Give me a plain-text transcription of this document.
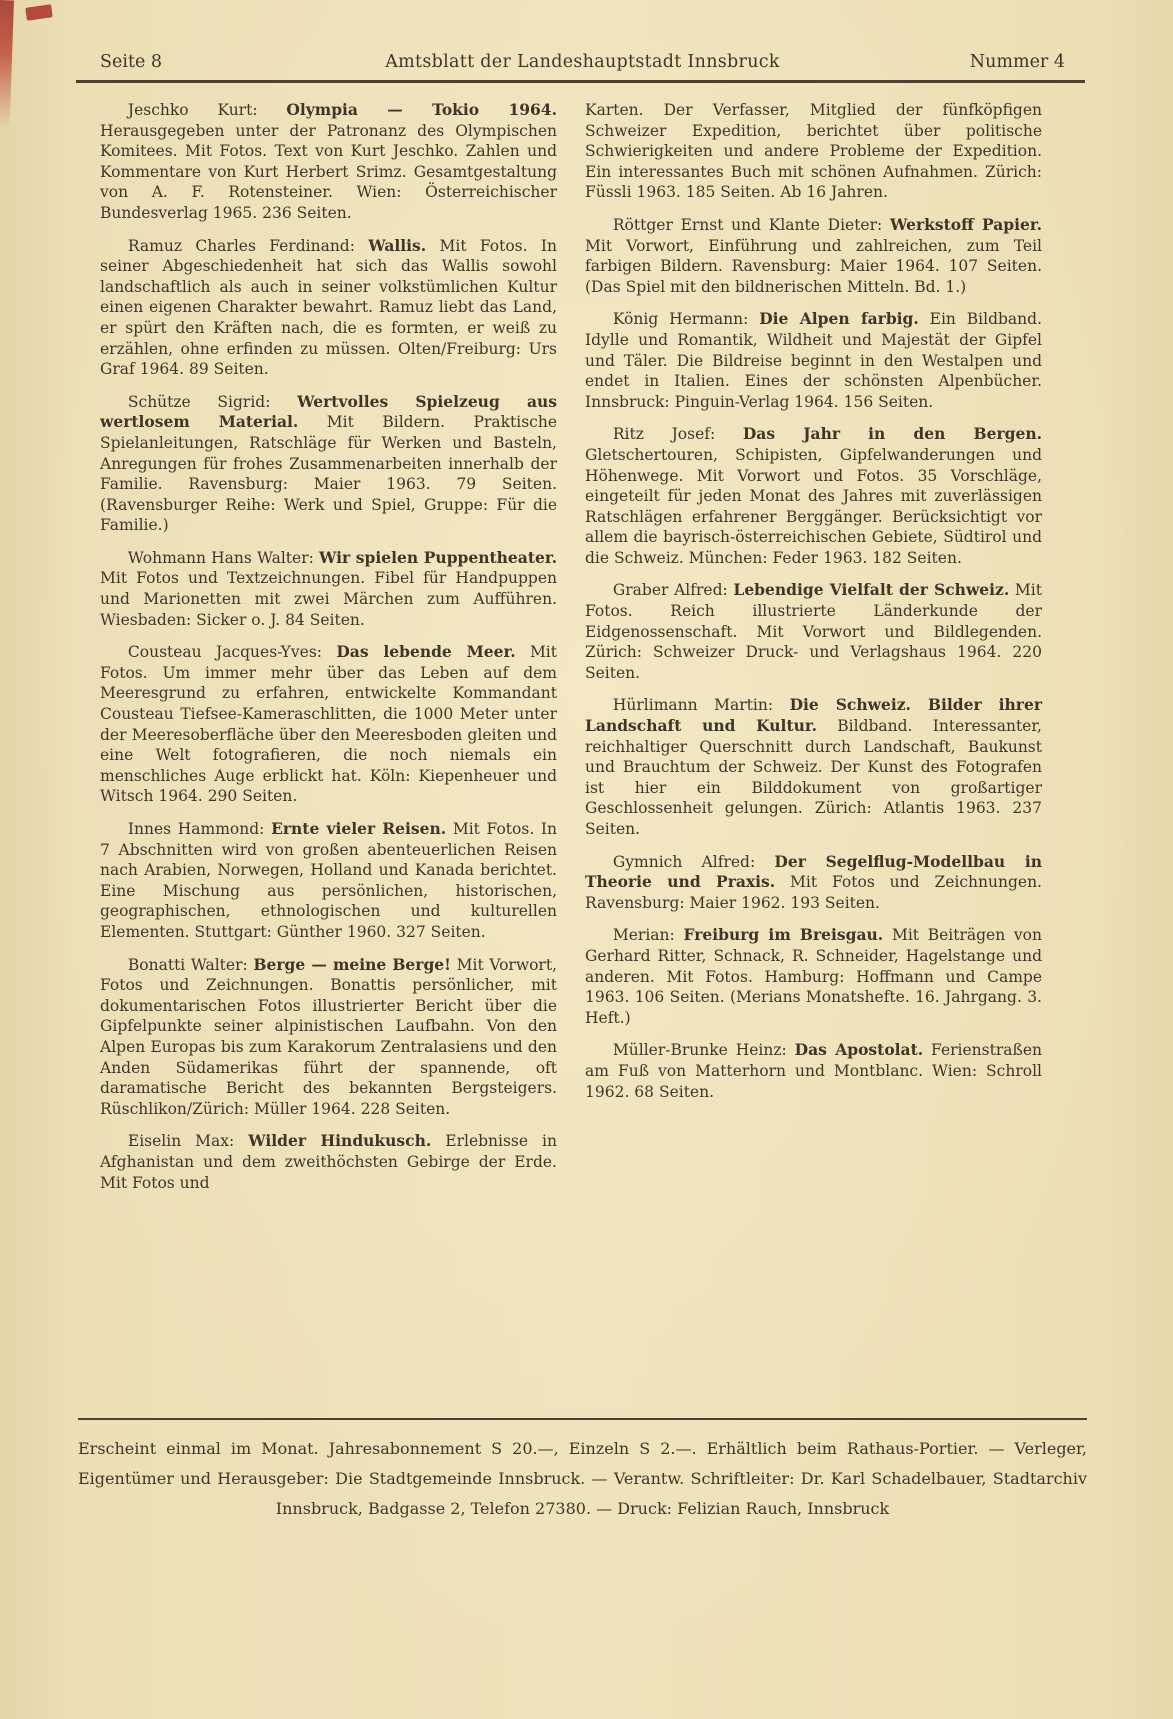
Seite 8	Amtsblatt der Landeshauptstadt Innsbruck	Nummer 4

Jeschko Kurt: Olympia — Tokio 1964. Herausgegeben unter der Patronanz des Olympischen Komitees. Mit Fotos. Text von Kurt Jeschko. Zahlen und Kommentare von Kurt Herbert Srimz. Gesamtgestaltung von A. F. Rotensteiner. Wien: Österreichischer Bundesverlag 1965. 236 Seiten.

Ramuz Charles Ferdinand: Wallis. Mit Fotos. In seiner Abgeschiedenheit hat sich das Wallis sowohl landschaftlich als auch in seiner volkstümlichen Kultur einen eigenen Charakter bewahrt. Ramuz liebt das Land, er spürt den Kräften nach, die es formten, er weiß zu erzählen, ohne erfinden zu müssen. Olten/Freiburg: Urs Graf 1964. 89 Seiten.

Schütze Sigrid: Wertvolles Spielzeug aus wertlosem Material. Mit Bildern. Praktische Spielanleitungen, Ratschläge für Werken und Basteln, Anregungen für frohes Zusammenarbeiten innerhalb der Familie. Ravensburg: Maier 1963. 79 Seiten. (Ravensburger Reihe: Werk und Spiel, Gruppe: Für die Familie.)

Wohmann Hans Walter: Wir spielen Puppentheater. Mit Fotos und Textzeichnungen. Fibel für Handpuppen und Marionetten mit zwei Märchen zum Aufführen. Wiesbaden: Sicker o. J. 84 Seiten.

Cousteau Jacques-Yves: Das lebende Meer. Mit Fotos. Um immer mehr über das Leben auf dem Meeresgrund zu erfahren, entwickelte Kommandant Cousteau Tiefsee-Kameraschlitten, die 1000 Meter unter der Meeresoberfläche über den Meeresboden gleiten und eine Welt fotografieren, die noch niemals ein menschliches Auge erblickt hat. Köln: Kiepenheuer und Witsch 1964. 290 Seiten.

Innes Hammond: Ernte vieler Reisen. Mit Fotos. In 7 Abschnitten wird von großen abenteuerlichen Reisen nach Arabien, Norwegen, Holland und Kanada berichtet. Eine Mischung aus persönlichen, historischen, geographischen, ethnologischen und kulturellen Elementen. Stuttgart: Günther 1960. 327 Seiten.

Bonatti Walter: Berge — meine Berge! Mit Vorwort, Fotos und Zeichnungen. Bonattis persönlicher, mit dokumentarischen Fotos illustrierter Bericht über die Gipfelpunkte seiner alpinistischen Laufbahn. Von den Alpen Europas bis zum Karakorum Zentralasiens und den Anden Südamerikas führt der spannende, oft daramatische Bericht des bekannten Bergsteigers. Rüschlikon/Zürich: Müller 1964. 228 Seiten.

Eiselin Max: Wilder Hindukusch. Erlebnisse in Afghanistan und dem zweithöchsten Gebirge der Erde. Mit Fotos und

Karten. Der Verfasser, Mitglied der fünfköpfigen Schweizer Expedition, berichtet über politische Schwierigkeiten und andere Probleme der Expedition. Ein interessantes Buch mit schönen Aufnahmen. Zürich: Füssli 1963. 185 Seiten. Ab 16 Jahren.

Röttger Ernst und Klante Dieter: Werkstoff Papier. Mit Vorwort, Einführung und zahlreichen, zum Teil farbigen Bildern. Ravensburg: Maier 1964. 107 Seiten. (Das Spiel mit den bildnerischen Mitteln. Bd. 1.)

König Hermann: Die Alpen farbig. Ein Bildband. Idylle und Romantik, Wildheit und Majestät der Gipfel und Täler. Die Bildreise beginnt in den Westalpen und endet in Italien. Eines der schönsten Alpenbücher. Innsbruck: Pinguin-Verlag 1964. 156 Seiten.

Ritz Josef: Das Jahr in den Bergen. Gletschertouren, Schipisten, Gipfelwanderungen und Höhenwege. Mit Vorwort und Fotos. 35 Vorschläge, eingeteilt für jeden Monat des Jahres mit zuverlässigen Ratschlägen erfahrener Berggänger. Berücksichtigt vor allem die bayrisch-österreichischen Gebiete, Südtirol und die Schweiz. München: Feder 1963. 182 Seiten.

Graber Alfred: Lebendige Vielfalt der Schweiz. Mit Fotos. Reich illustrierte Länderkunde der Eidgenossenschaft. Mit Vorwort und Bildlegenden. Zürich: Schweizer Druck- und Verlagshaus 1964. 220 Seiten.

Hürlimann Martin: Die Schweiz. Bilder ihrer Landschaft und Kultur. Bildband. Interessanter, reichhaltiger Querschnitt durch Landschaft, Baukunst und Brauchtum der Schweiz. Der Kunst des Fotografen ist hier ein Bilddokument von großartiger Geschlossenheit gelungen. Zürich: Atlantis 1963. 237 Seiten.

Gymnich Alfred: Der Segelflug-Modellbau in Theorie und Praxis. Mit Fotos und Zeichnungen. Ravensburg: Maier 1962. 193 Seiten.

Merian: Freiburg im Breisgau. Mit Beiträgen von Gerhard Ritter, Schnack, R. Schneider, Hagelstange und anderen. Mit Fotos. Hamburg: Hoffmann und Campe 1963. 106 Seiten. (Merians Monatshefte. 16. Jahrgang. 3. Heft.)

Müller-Brunke Heinz: Das Apostolat. Ferienstraßen am Fuß von Matterhorn und Montblanc. Wien: Schroll 1962. 68 Seiten.

Erscheint einmal im Monat. Jahresabonnement S 20.—, Einzeln S 2.—. Erhältlich beim Rathaus-Portier. — Verleger,
Eigentümer und Herausgeber: Die Stadtgemeinde Innsbruck. — Verantw. Schriftleiter: Dr. Karl Schadelbauer, Stadtarchiv
Innsbruck, Badgasse 2, Telefon 27380. — Druck: Felizian Rauch, Innsbruck
